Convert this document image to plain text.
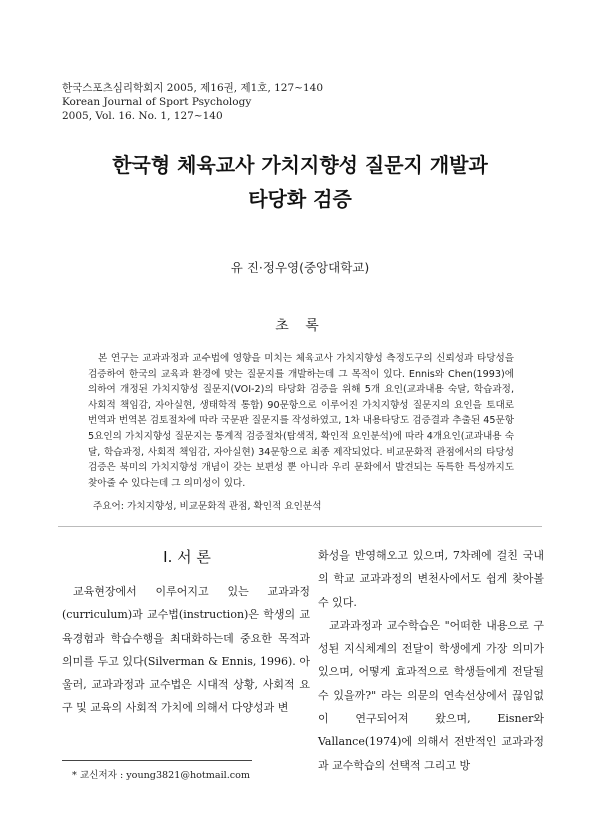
한국스포츠심리학회지 2005, 제16권, 제1호, 127~140
Korean Journal of Sport Psychology
2005, Vol. 16. No. 1, 127~140
한국형 체육교사 가치지향성 질문지 개발과
타당화 검증
유 진·정우영(중앙대학교)
초 록
본 연구는 교과과정과 교수법에 영향을 미치는 체육교사 가치지향성 측정도구의 신뢰성과 타당성을 검증하여 한국의 교육과 환경에 맞는 질문지를 개발하는데 그 목적이 있다. Ennis와 Chen(1993)에 의하여 개정된 가치지향성 질문지(VOI-2)의 타당화 검증을 위해 5개 요인(교과내용 숙달, 학습과정, 사회적 책임감, 자아실현, 생태학적 통합) 90문항으로 이루어진 가치지향성 질문지의 요인을 토대로 번역과 번역본 검토절차에 따라 국문판 질문지를 작성하였고, 1차 내용타당도 검증결과 추출된 45문항 5요인의 가치지향성 질문지는 통계적 검증절차(탐색적, 확인적 요인분석)에 따라 4개요인(교과내용 숙달, 학습과정, 사회적 책임감, 자아실현) 34문항으로 최종 제작되었다. 비교문화적 관점에서의 타당성 검증은 북미의 가치지향성 개념이 갖는 보편성 뿐 아니라 우리 문화에서 발견되는 독특한 특성까지도 찾아줄 수 있다는데 그 의미성이 있다.
주요어: 가치지향성, 비교문화적 관점, 확인적 요인분석
Ⅰ. 서 론
교육현장에서 이루어지고 있는 교과과정(curriculum)과 교수법(instruction)은 학생의 교육경험과 학습수행을 최대화하는데 중요한 목적과 의미를 두고 있다(Silverman & Ennis, 1996). 아울러, 교과과정과 교수법은 시대적 상황, 사회적 요구 및 교육의 사회적 가치에 의해서 다양성과 변

화성을 반영해오고 있으며, 7차례에 걸친 국내의 학교 교과과정의 변천사에서도 쉽게 찾아볼 수 있다.

교과과정과 교수학습은 "어떠한 내용으로 구성된 지식체계의 전달이 학생에게 가장 의미가 있으며, 어떻게 효과적으로 학생들에게 전달될 수 있을까?" 라는 의문의 연속선상에서 끊임없이 연구되어져 왔으며, Eisner와 Vallance(1974)에 의해서 전반적인 교과과정과 교수학습의 선택적 그리고 방

* 교신저자 : young3821@hotmail.com
